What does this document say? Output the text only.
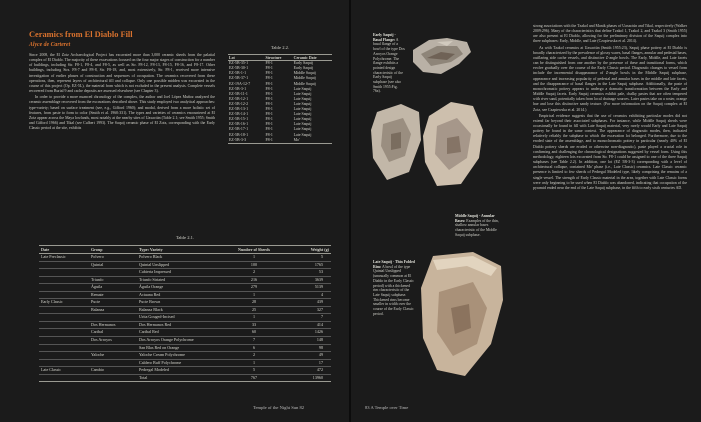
Ceramics from El Diablo Fill
Alyce de Carteret

Since 2008, the El Zotz Archaeological Project has excavated more than 3,000 ceramic sherds from the palatial complex of El Diablo. The majority of these excavations focused on the four major stages of construction for a number of buildings, including Str. F8-1, F8-4, and F8-5, as well as Str. F8-12, F8-13, F8-15, F8-16, and F8-17. Other buildings, including Strs. F8-7 and F8-8, Str. F8-18, and, most extensively, Str. F8-1, received more intensive investigation of earlier phases of construction and sequences of occupation. The ceramics recovered from these operations, then, represent layers of architectural fill and collapse. Only one possible midden was excavated in the course of this project (Op. EZ-5L), the material from which is not excluded in the present analysis. Complete vessels recovered from Burial 9 and cache deposits are assessed elsewhere (see Chapter 3).

In order to provide a more nuanced chronology of the complex, the author and Joel López Muñoz analyzed the ceramic assemblage recovered from the excavations described above. This study employed two analytical approaches: type-variety; based on surface treatment (see, e.g., Gifford 1960); and modal, derived from a more holistic set of features, from paste to form to color (Smith et al. 1960:331). The types and varieties of ceramics encountered at El Zotz appear across the Maya lowlands, most notably at the nearby sites of Uaxactún (Table 2.1; see Smith 1955; Smith and Gifford 1966) and Tikal (see Culbert 1993). The Saquij ceramic phase of El Zotz, corresponding with the Early Classic period at the site, exhibits

Table 2.2.
Lot	Structure	Ceramic Date
EZ-5B-35-1	F8-1	Early Saquij
EZ-5B-30-1	F8-1	Early Saquij
EZ-5B-1-1	F8-1	Middle Saquij
EZ-5B-37-1	F8-1	Middle Saquij
EZ-19A-12-7	F8-1	Middle Saquij
EZ-5B-3-1	F8-1	Late Saquij
EZ-5B-11-1	F8-1	Late Saquij
EZ-5B-12-1	F8-1	Late Saquij
EZ-5B-12-2	F8-1	Late Saquij
EZ-5B-13-1	F8-1	Late Saquij
EZ-5B-14-1	F8-1	Late Saquij
EZ-5B-15-1	F8-1	Late Saquij
EZ-5B-16-1	F8-1	Late Saquij
EZ-5B-17-1	F8-1	Late Saquij
EZ-5B-18-1	F8-1	Late Saquij
EZ-5B-3-3	F8-1	Mo'
Table 2.1.
Date	Group	Type: Variety	Number of Sherds	Weight (g)
Late Preclassic	Polvero	Polvero Black	1	5
	Quintal	Quintal Unslipped	100	1765
		Cubierta Impressed	2	53
	Triunfo	Triunfo Striated	216	3639
	Águila	Águila Orange	279	5139
	Remate	Actuana Red	1	4
Early Classic	Pucte	Pucte Brown	28	439
	Balanza	Balanza Black	25	327
		Urita Gouged-Incised	1	7
	Dos Hermanos	Dos Hermanos Red	33	414
	Caribal	Caribal Red	60	1426
	Dos Arroyos	Dos Arroyos Orange Polychrome	7	148
		San Blas Red on Orange	6	98
	Yaloche	Yaloche Cream Polychrome	2	49
		Caldero Buff Polychrome	1	17
Late Classic	Cambio	Pedregal Modeled	5	472
		Total	767	13960
Temple of the Night Sun 82
Early Saquij - Basal Flange: A basal flange of a bowl of the type Dos Arroyos Orange Polychrome. The flange exhibits a pointed design characteristic of the Early Saquij subphase (see also Smith 1955:Fig. 76a).
Middle Saquij - Annular Bases: Examples of the thin, shallow annular bases characteristic of the Middle Saquij subphase.
Late Saquij - Thin Folded Rim: A bowl of the type Quintal Unslipped (unusually common at El Diablo in the Early Classic period) with a thickened rim characteristic of the Late Saquij subphase. Thickened rims become smaller in width over the course of the Early Classic period.

strong associations with the Tzakol and Manik phases of Uaxactún and Tikal, respectively (Walker 2009:296). Many of the characteristics that define Tzakol 1, Tzakol 2, and Tzakol 3 (Smith 1955) are also present at El Diablo, allowing for the preliminary division of the Saquij complex into three subphases: Early, Middle, and Late (Czapiewska et al. 2014).

As with Tzakol ceramics at Uaxactún (Smith 1955:23), Saquij phase pottery at El Diablo is broadly characterized by the prevalence of glossy wares, basal flanges, annular and pedestal bases, outflaring side cache vessels, and distinctive Z-angle bowls. The Early, Middle, and Late facets can be distinguished from one another by the presence of these and transitional forms, which evolve gradually over the course of the Early Classic period. Diagnostic changes to vessel form include the incremental disappearance of Z-angle bowls in the Middle Saquij subphase, appearance and increasing popularity of pedestal and annular bases in the middle and late facets, and the disappearance of basal flanges in the Late Saquij subphase. Additionally, the paste of monochromatic pottery appears to undergo a dramatic transformation between the Early and Middle Saquij facets. Early Saquij ceramics exhibit pale, chalky pastes that are often tempered with river sand, potentially taken from local drainage sources. Later pastes take on a rosier, orange hue and lose this distinctive sandy texture. (For more information on the Saquij complex at El Zotz, see Czapiewska et al. 2014.)

Empirical evidence suggests that the use of ceramics exhibiting particular modes did not extend far beyond their associated subphases. For instance, while Middle Saquij sherds were occasionally be found in fill with Late Saquij material, very rarely would Early and Late Saquij pottery be found in the same context. The appearance of diagnostic modes, then, indicated relatively reliably the subphase to which the excavation lot belonged. Furthermore, due to the eroded state of the assemblage, and to monochromatic pottery in particular (nearly 40% of El Diablo pottery sherds are eroded or otherwise non-diagnostic), paste played a crucial role in confirming and challenging the chronological designations suggested by vessel form. Using this methodology, eighteen lots excavated from Str. F8-1 could be assigned to one of the three Saquij subphases (see Table 2.2). In addition, one lot (EZ 5B-3-3) corresponding with a level of architectural collapse, contained Mo' phase (i.e., Late Classic) ceramics. Late Classic ceramic presence is limited to few sherds of Pedregal Modeled type, likely comprising the remains of a single vessel. The strength of Early Classic material in the area, together with Late Classic forms were only beginning to be used when El Diablo was abandoned, indicating that occupation of the pyramid ended near the end of the Late Saquij subphase, in the fifth to early sixth centuries AD.

83 A Temple over Time
